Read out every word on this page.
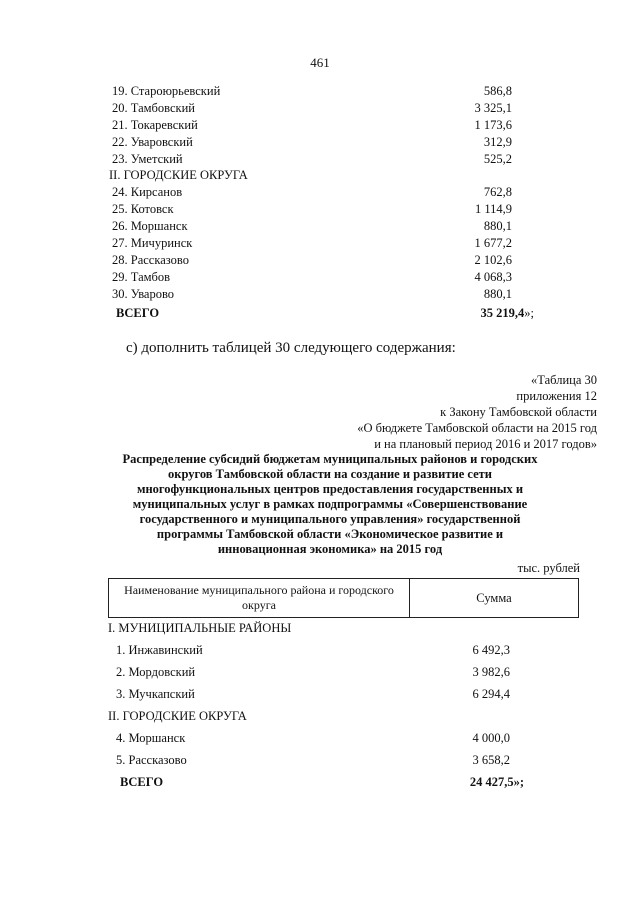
461
19. Староюрьевский	586,8
20. Тамбовский	3 325,1
21. Токаревский	1 173,6
22. Уваровский	312,9
23. Уметский	525,2
II. ГОРОДСКИЕ ОКРУГА
24. Кирсанов	762,8
25. Котовск	1 114,9
26. Моршанск	880,1
27. Мичуринск	1 677,2
28. Рассказово	2 102,6
29. Тамбов	4 068,3
30. Уварово	880,1
ВСЕГО	35 219,4»;
с) дополнить таблицей 30 следующего содержания:
«Таблица 30
приложения 12
к Закону Тамбовской области
«О бюджете Тамбовской области на 2015 год
и на плановый период 2016 и 2017 годов»
Распределение субсидий бюджетам муниципальных районов и городских
округов Тамбовской области на создание и развитие сети
многофункциональных центров предоставления государственных и
муниципальных услуг в рамках подпрограммы «Совершенствование
государственного и муниципального управления» государственной
программы Тамбовской области «Экономическое развитие и
инновационная экономика» на 2015 год
тыс. рублей
Наименование муниципального района и городского округа
Сумма
I. МУНИЦИПАЛЬНЫЕ РАЙОНЫ
1. Инжавинский	6 492,3
2. Мордовский	3 982,6
3. Мучкапский	6 294,4
II. ГОРОДСКИЕ ОКРУГА
4. Моршанск	4 000,0
5. Рассказово	3 658,2
ВСЕГО	24 427,5»;
